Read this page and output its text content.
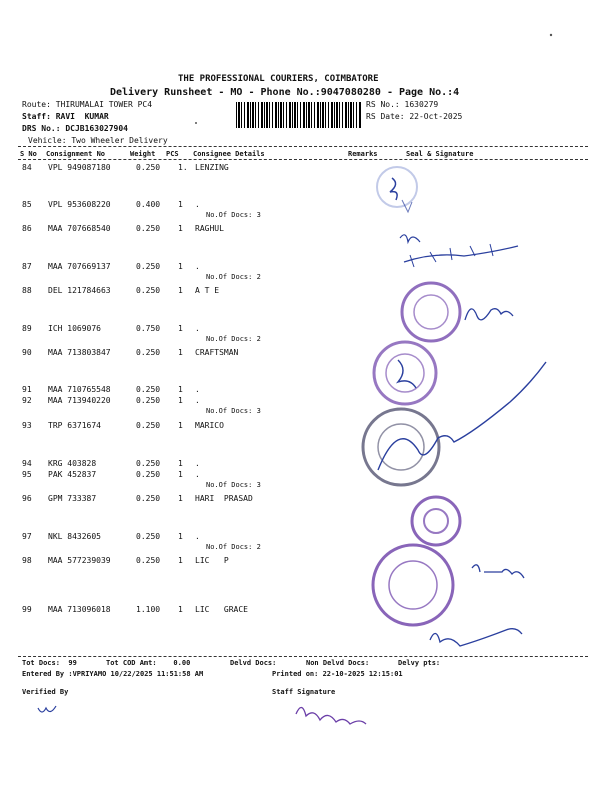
THE PROFESSIONAL COURIERS, COIMBATORE
Delivery Runsheet - MO - Phone No.:9047080280 - Page No.:4
Route: THIRUMALAI TOWER PC4
Staff: RAVI  KUMAR
DRS No.: DCJB163027904
Vehicle: Two Wheeler Delivery
RS No.: 1630279
RS Date: 22-Oct-2025
S No Consignment No	Weight PCS Consignee Details	Remarks	Seal & Signature
84 VPL 949087180	0.250 1. LENZING
85 VPL 953608220	0.400 1 .
No.Of Docs: 3
86 MAA 707668540	0.250 1 RAGHUL
87 MAA 707669137	0.250 1 .
No.Of Docs: 2
88 DEL 121784663	0.250 1 A T E
89 ICH 1069076	0.750 1 .
No.Of Docs: 2
90 MAA 713803847	0.250 1 CRAFTSMAN
91 MAA 710765548	0.250 1 .
92 MAA 713940220	0.250 1 .
No.Of Docs: 3
93 TRP 6371674	0.250 1 MARICO
94 KRG 403828	0.250 1 .
95 PAK 452837	0.250 1 .
No.Of Docs: 3
96 GPM 733387	0.250 1 HARI  PRASAD
97 NKL 8432605	0.250 1 .
No.Of Docs: 2
98 MAA 577239039	0.250 1 LIC   P
99 MAA 713096018	1.100 1 LIC   GRACE
Tot Docs:  99	Tot COD Amt:    0.00	Delvd Docs:	Non Delvd Docs:	Delvy pts:
Entered By :VPRIYAMO 10/22/2025 11:51:58 AM	Printed on: 22-10-2025 12:15:01
Verified By	Staff Signature
